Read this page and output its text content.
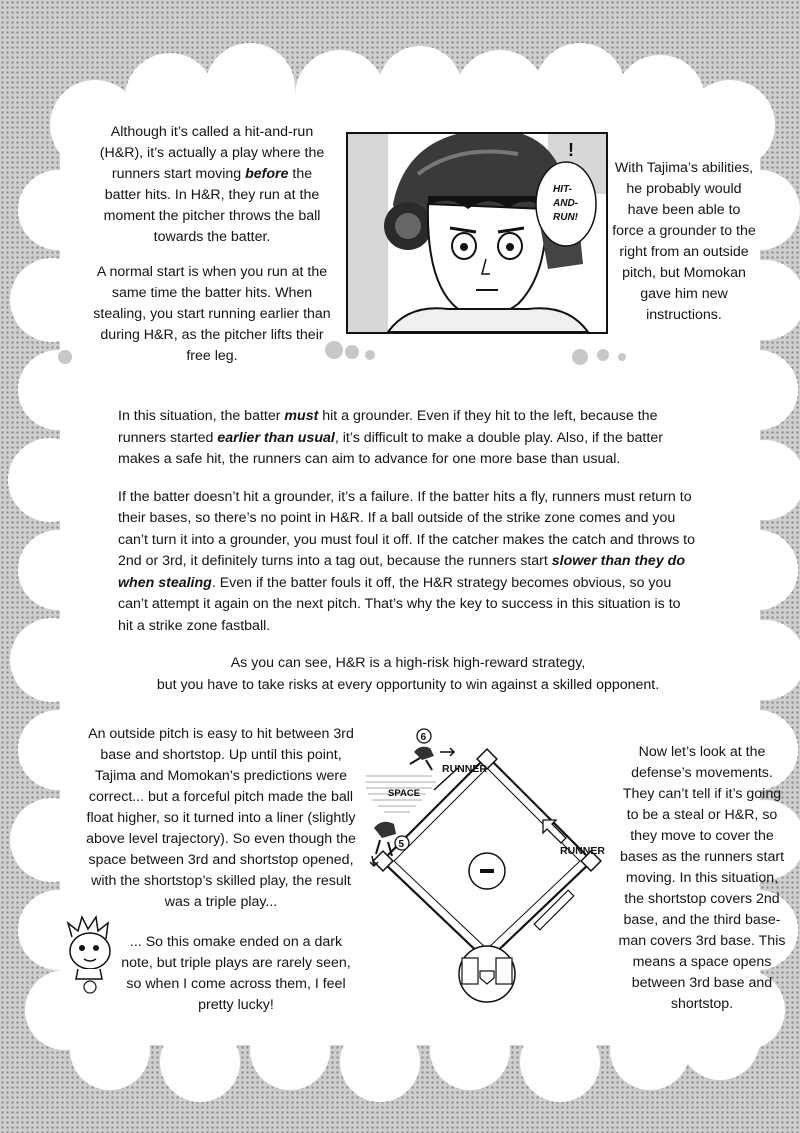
Although it’s called a hit-and-run (H&R), it’s actually a play where the runners start moving before the batter hits. In H&R, they run at the moment the pitcher throws the ball towards the batter.

A normal start is when you run at the same time the batter hits. When stealing, you start running earlier than during H&R, as the pitcher lifts their free leg.

HIT-
AND-
RUN!
!

With Tajima’s abilities, he probably would have been able to force a grounder to the right from an outside pitch, but Momokan gave him new instructions.

In this situation, the batter must hit a grounder. Even if they hit to the left, because the runners started earlier than usual, it’s difficult to make a double play. Also, if the batter makes a safe hit, the runners can aim to advance for one more base than usual.

If the batter doesn’t hit a grounder, it’s a failure. If the batter hits a fly, runners must return to their bases, so there’s no point in H&R. If a ball outside of the strike zone comes and you can’t turn it into a grounder, you must foul it off. If the catcher makes the catch and throws to 2nd or 3rd, it definitely turns into a tag out, because the runners start slower than they do when stealing. Even if the batter fouls it off, the H&R strategy becomes obvious, so you can’t attempt it again on the next pitch. That’s why the key to success in this situation is to hit a strike zone fastball.

As you can see, H&R is a high-risk high-reward strategy,
but you have to take risks at every opportunity to win against a skilled opponent.

An outside pitch is easy to hit between 3rd base and shortstop. Up until this point, Tajima and Momokan’s predictions were correct... but a forceful pitch made the ball float higher, so it turned into a liner (slightly above level trajectory). So even though the space between 3rd and shortstop opened, with the shortstop’s skilled play, the result was a triple play...

... So this omake ended on a dark note, but triple plays are rarely seen, so when I come across them, I feel pretty lucky!

6
5
RUNNER
RUNNER
SPACE

Now let’s look at the defense’s movements. They can’t tell if it’s going to be a steal or H&R, so they move to cover the bases as the runners start moving. In this situation, the shortstop covers 2nd base, and the third base-man covers 3rd base. This means a space opens between 3rd base and shortstop.
